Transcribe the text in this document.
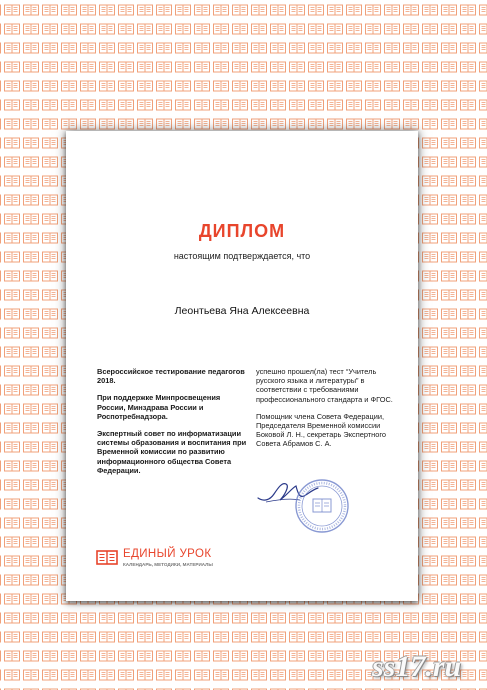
ДИПЛОМ
настоящим подтверждается, что
Леонтьева Яна Алексеевна

Всероссийское тестирование педагогов 2018.

При поддержке Минпросвещения России, Минздрава России и Роспотребнадзора.

Экспертный совет по информатизации системы образования и воспитания при Временной комиссии по развитию информационного общества Совета Федерации.

успешно прошел(ла) тест “Учитель русского языка и литературы” в соответствии с требованиями профессионального стандарта и ФГОС.

Помощник члена Совета Федерации, Председателя Временной комиссии Боковой Л. Н., секретарь Экспертного Совета Абрамов С. А.

ЕДИНЫЙ УРОК
КАЛЕНДАРЬ, МЕТОДИКИ, МАТЕРИАЛЫ
ss17.ru
